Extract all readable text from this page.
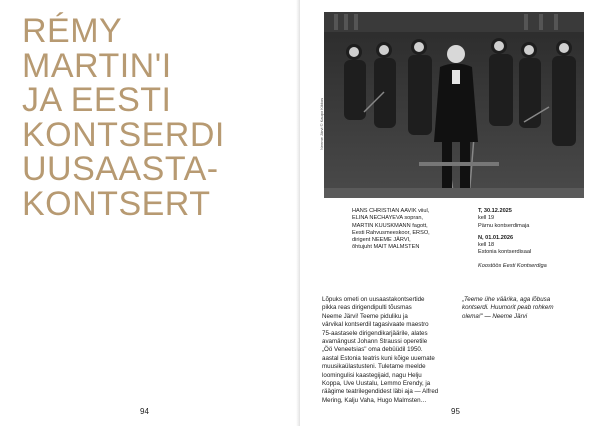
RÉMY
MARTIN'I
JA EESTI
KONTSERDI
UUSAASTA-
KONTSERT
94
Neeme Järvi © Kaupo Kikkas
HANS CHRISTIAN AAVIK viiul,
ELINA NECHAYEVA sopran,
MARTIN KUUSKMANN fagott,
Eesti Rahvusmeeskoor, ERSO,
dirigent NEEME JÄRVI,
õhtujuht MAIT MALMSTEN
T, 30.12.2025
kell 19
Pärnu kontserdimaja
N, 01.01.2026
kell 18
Estonia kontserdisaal
Koostöös Eesti Kontserdiga
95
Lõpuks ometi on uusaastakontsertide
pikka reas dirigendipulti tõusmas
Neeme Järvi! Teeme piduliku ja
värvikal kontserdil tagasivaate maestro
75-aastasele dirigendikarjäärile, alates
avamängust Johann Straussi operetile
„Öö Veneetsias" oma debüüdil 1950.
aastal Estonia teatris kuni kõige uuemate
muusikaülastusteni. Tuletame meelde
loomingulisi kaastegijaid, nagu Helju
Koppa, Uve Uustalu, Lemmo Erendy, ja
räägime teatrilegendidest läbi aja — Alfred
Mering, Kalju Vaha, Hugo Malmsten…
„Teeme ühe väärika, aga lõbusa
kontserdi. Huumorit peab rohkem
olema!" — Neeme Järvi
